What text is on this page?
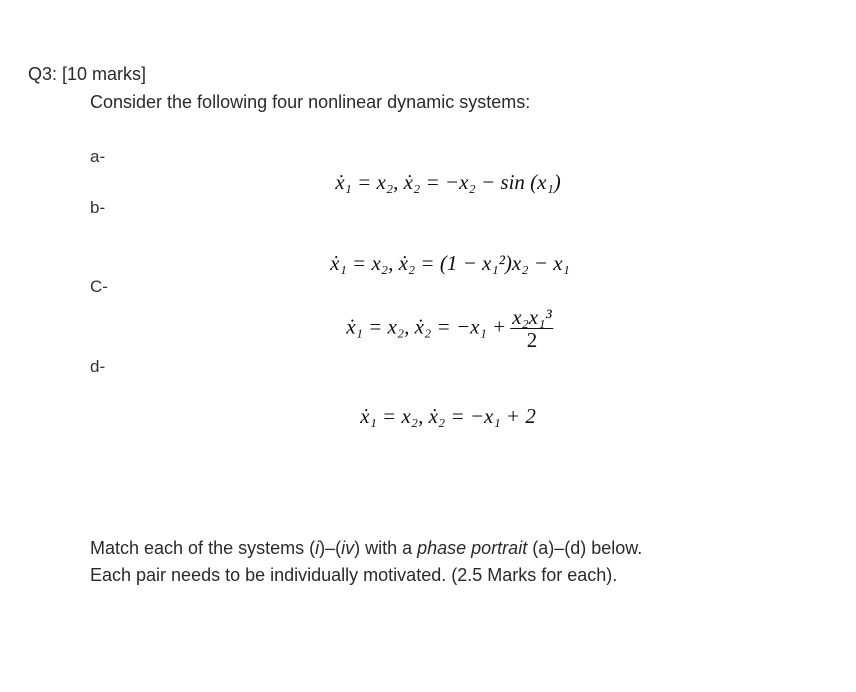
Q3: [10 marks]
Consider the following four nonlinear dynamic systems:
a-
ẋ₁ = x₂, ẋ₂ = −x₂ − sin (x₁)
b-
ẋ₁ = x₂, ẋ₂ = (1 − x₁²)x₂ − x₁
C-
ẋ₁ = x₂, ẋ₂ = $-x_1 + \frac{\text{x₂x₁³}}{2}$
d-
ẋ₁ = x₂, ẋ₂ = −x₁ + 2
Match each of the systems (i)–(iv) with a phase portrait (a)–(d) below.
Each pair needs to be individually motivated. (2.5 Marks for each).
